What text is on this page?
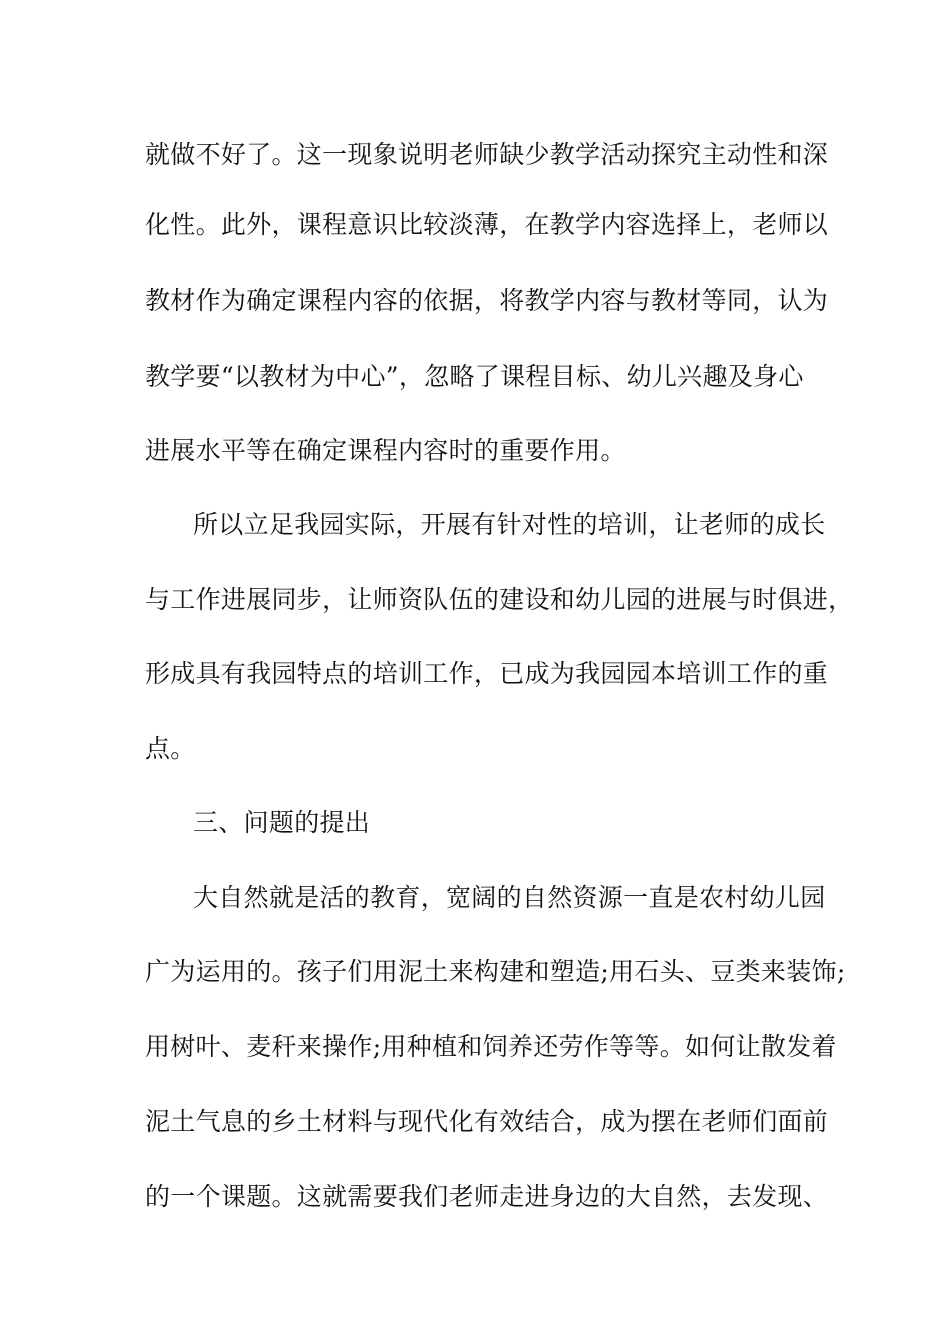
就做不好了。这一现象说明老师缺少教学活动探究主动性和深
化性。此外，课程意识比较淡薄，在教学内容选择上，老师以
教材作为确定课程内容的依据，将教学内容与教材等同，认为
教学要“以教材为中心”，忽略了课程目标、幼儿兴趣及身心
进展水平等在确定课程内容时的重要作用。
所以立足我园实际，开展有针对性的培训，让老师的成长
与工作进展同步，让师资队伍的建设和幼儿园的进展与时俱进，
形成具有我园特点的培训工作，已成为我园园本培训工作的重
点。
三、问题的提出
大自然就是活的教育，宽阔的自然资源一直是农村幼儿园
广为运用的。孩子们用泥土来构建和塑造;用石头、豆类来装饰;
用树叶、麦秆来操作;用种植和饲养还劳作等等。如何让散发着
泥土气息的乡土材料与现代化有效结合，成为摆在老师们面前
的一个课题。这就需要我们老师走进身边的大自然，去发现、
